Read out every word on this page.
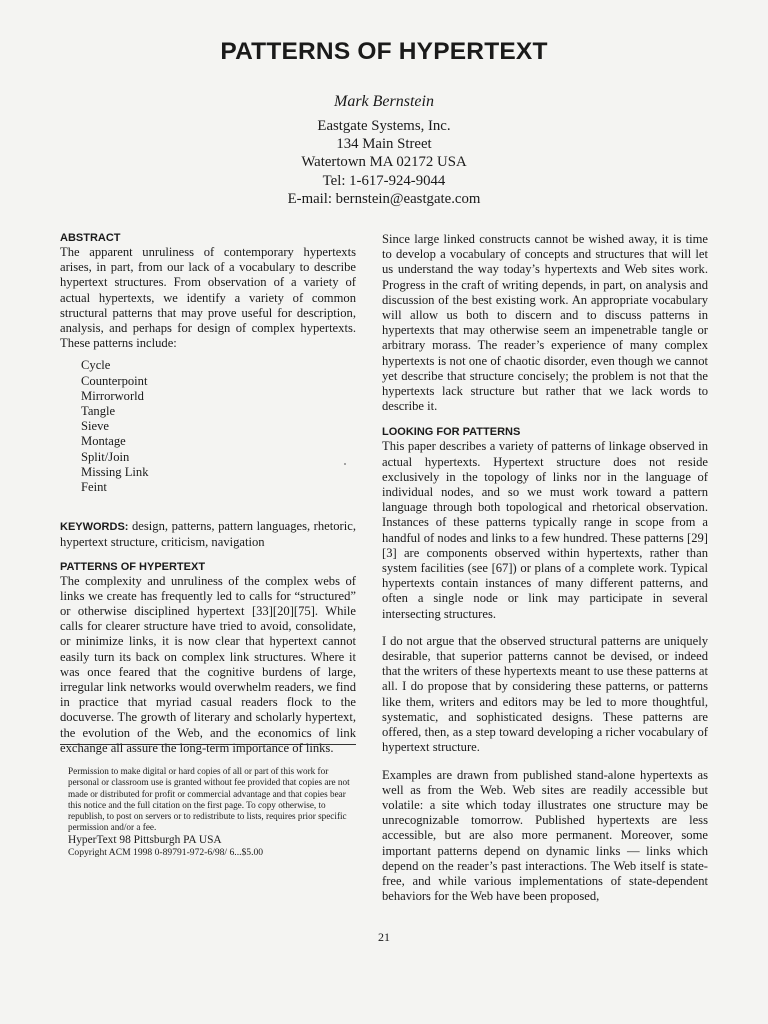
PATTERNS OF HYPERTEXT
Mark Bernstein
Eastgate Systems, Inc.
134 Main Street
Watertown MA 02172 USA
Tel: 1-617-924-9044
E-mail: bernstein@eastgate.com
ABSTRACT

The apparent unruliness of contemporary hypertexts arises, in part, from our lack of a vocabulary to describe hypertext structures. From observation of a variety of actual hypertexts, we identify a variety of common structural patterns that may prove useful for description, analysis, and perhaps for design of complex hypertexts. These patterns include:

Cycle
Counterpoint
Mirrorworld
Tangle
Sieve
Montage
Split/Join
Missing Link
Feint

KEYWORDS: design, patterns, pattern languages, rhetoric, hypertext structure, criticism, navigation

PATTERNS OF HYPERTEXT

The complexity and unruliness of the complex webs of links we create has frequently led to calls for “structured” or otherwise disciplined hypertext [33][20][75]. While calls for clearer structure have tried to avoid, consolidate, or minimize links, it is now clear that hypertext cannot easily turn its back on complex link structures. Where it was once feared that the cognitive burdens of large, irregular link networks would overwhelm readers, we find in practice that myriad casual readers flock to the docuverse. The growth of literary and scholarly hypertext, the evolution of the Web, and the economics of link exchange all assure the long-term importance of links.

Permission to make digital or hard copies of all or part of this work for personal or classroom use is granted without fee provided that copies are not made or distributed for profit or commercial advantage and that copies bear this notice and the full citation on the first page. To copy otherwise, to republish, to post on servers or to redistribute to lists, requires prior specific permission and/or a fee.
HyperText 98 Pittsburgh PA USA
Copyright ACM 1998 0-89791-972-6/98/ 6...$5.00

Since large linked constructs cannot be wished away, it is time to develop a vocabulary of concepts and structures that will let us understand the way today’s hypertexts and Web sites work. Progress in the craft of writing depends, in part, on analysis and discussion of the best existing work. An appropriate vocabulary will allow us both to discern and to discuss patterns in hypertexts that may otherwise seem an impenetrable tangle or arbitrary morass. The reader’s experience of many complex hypertexts is not one of chaotic disorder, even though we cannot yet describe that structure concisely; the problem is not that the hypertexts lack structure but rather that we lack words to describe it.

LOOKING FOR PATTERNS

This paper describes a variety of patterns of linkage observed in actual hypertexts. Hypertext structure does not reside exclusively in the topology of links nor in the language of individual nodes, and so we must work toward a pattern language through both topological and rhetorical observation. Instances of these patterns typically range in scope from a handful of nodes and links to a few hundred. These patterns [29][3] are components observed within hypertexts, rather than system facilities (see [67]) or plans of a complete work. Typical hypertexts contain instances of many different patterns, and often a single node or link may participate in several intersecting structures.

I do not argue that the observed structural patterns are uniquely desirable, that superior patterns cannot be devised, or indeed that the writers of these hypertexts meant to use these patterns at all. I do propose that by considering these patterns, or patterns like them, writers and editors may be led to more thoughtful, systematic, and sophisticated designs. These patterns are offered, then, as a step toward developing a richer vocabulary of hypertext structure.

Examples are drawn from published stand-alone hypertexts as well as from the Web. Web sites are readily accessible but volatile: a site which today illustrates one structure may be unrecognizable tomorrow. Published hypertexts are less accessible, but are also more permanent. Moreover, some important patterns depend on dynamic links — links which depend on the reader’s past interactions. The Web itself is state-free, and while various implementations of state-dependent behaviors for the Web have been proposed,

21
